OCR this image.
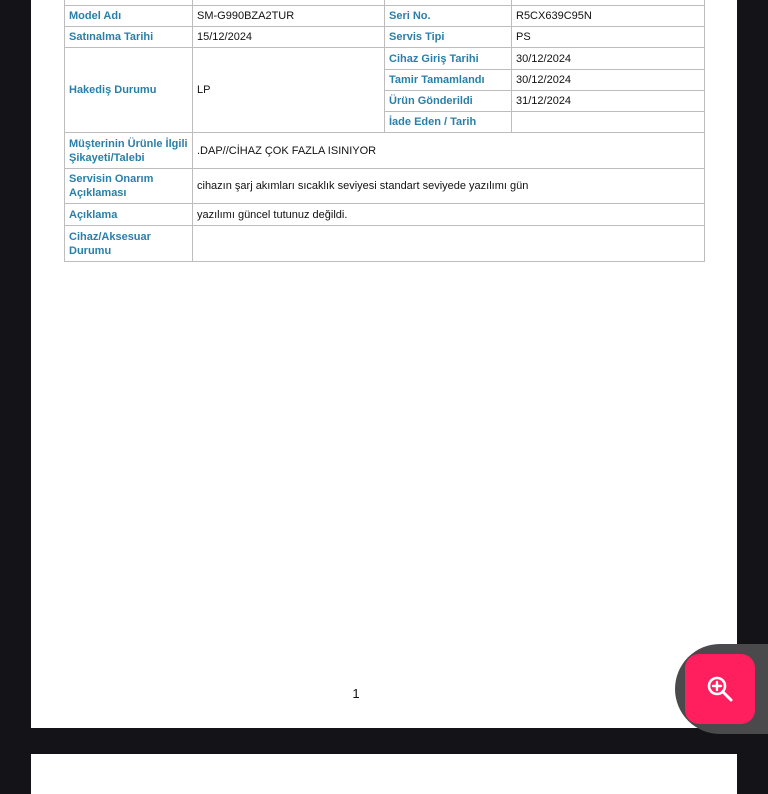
Model Adı	SM-G990BZA2TUR	Seri No.	R5CX639C95N
Satınalma Tarihi	15/12/2024	Servis Tipi	PS
Hakediş Durumu	LP	Cihaz Giriş Tarihi	30/12/2024
		Tamir Tamamlandı	30/12/2024
		Ürün Gönderildi	31/12/2024
		İade Eden / Tarih	
Müşterinin Ürünle İlgili Şikayeti/Talebi	.DAP//CİHAZ ÇOK FAZLA ISINIYOR		
Servisin Onarım Açıklaması	cihazın şarj akımları sıcaklık seviyesi standart seviyede yazılımı gün		
Açıklama	yazılımı güncel tutunuz değildi.		
Cihaz/Aksesuar Durumu			
1
